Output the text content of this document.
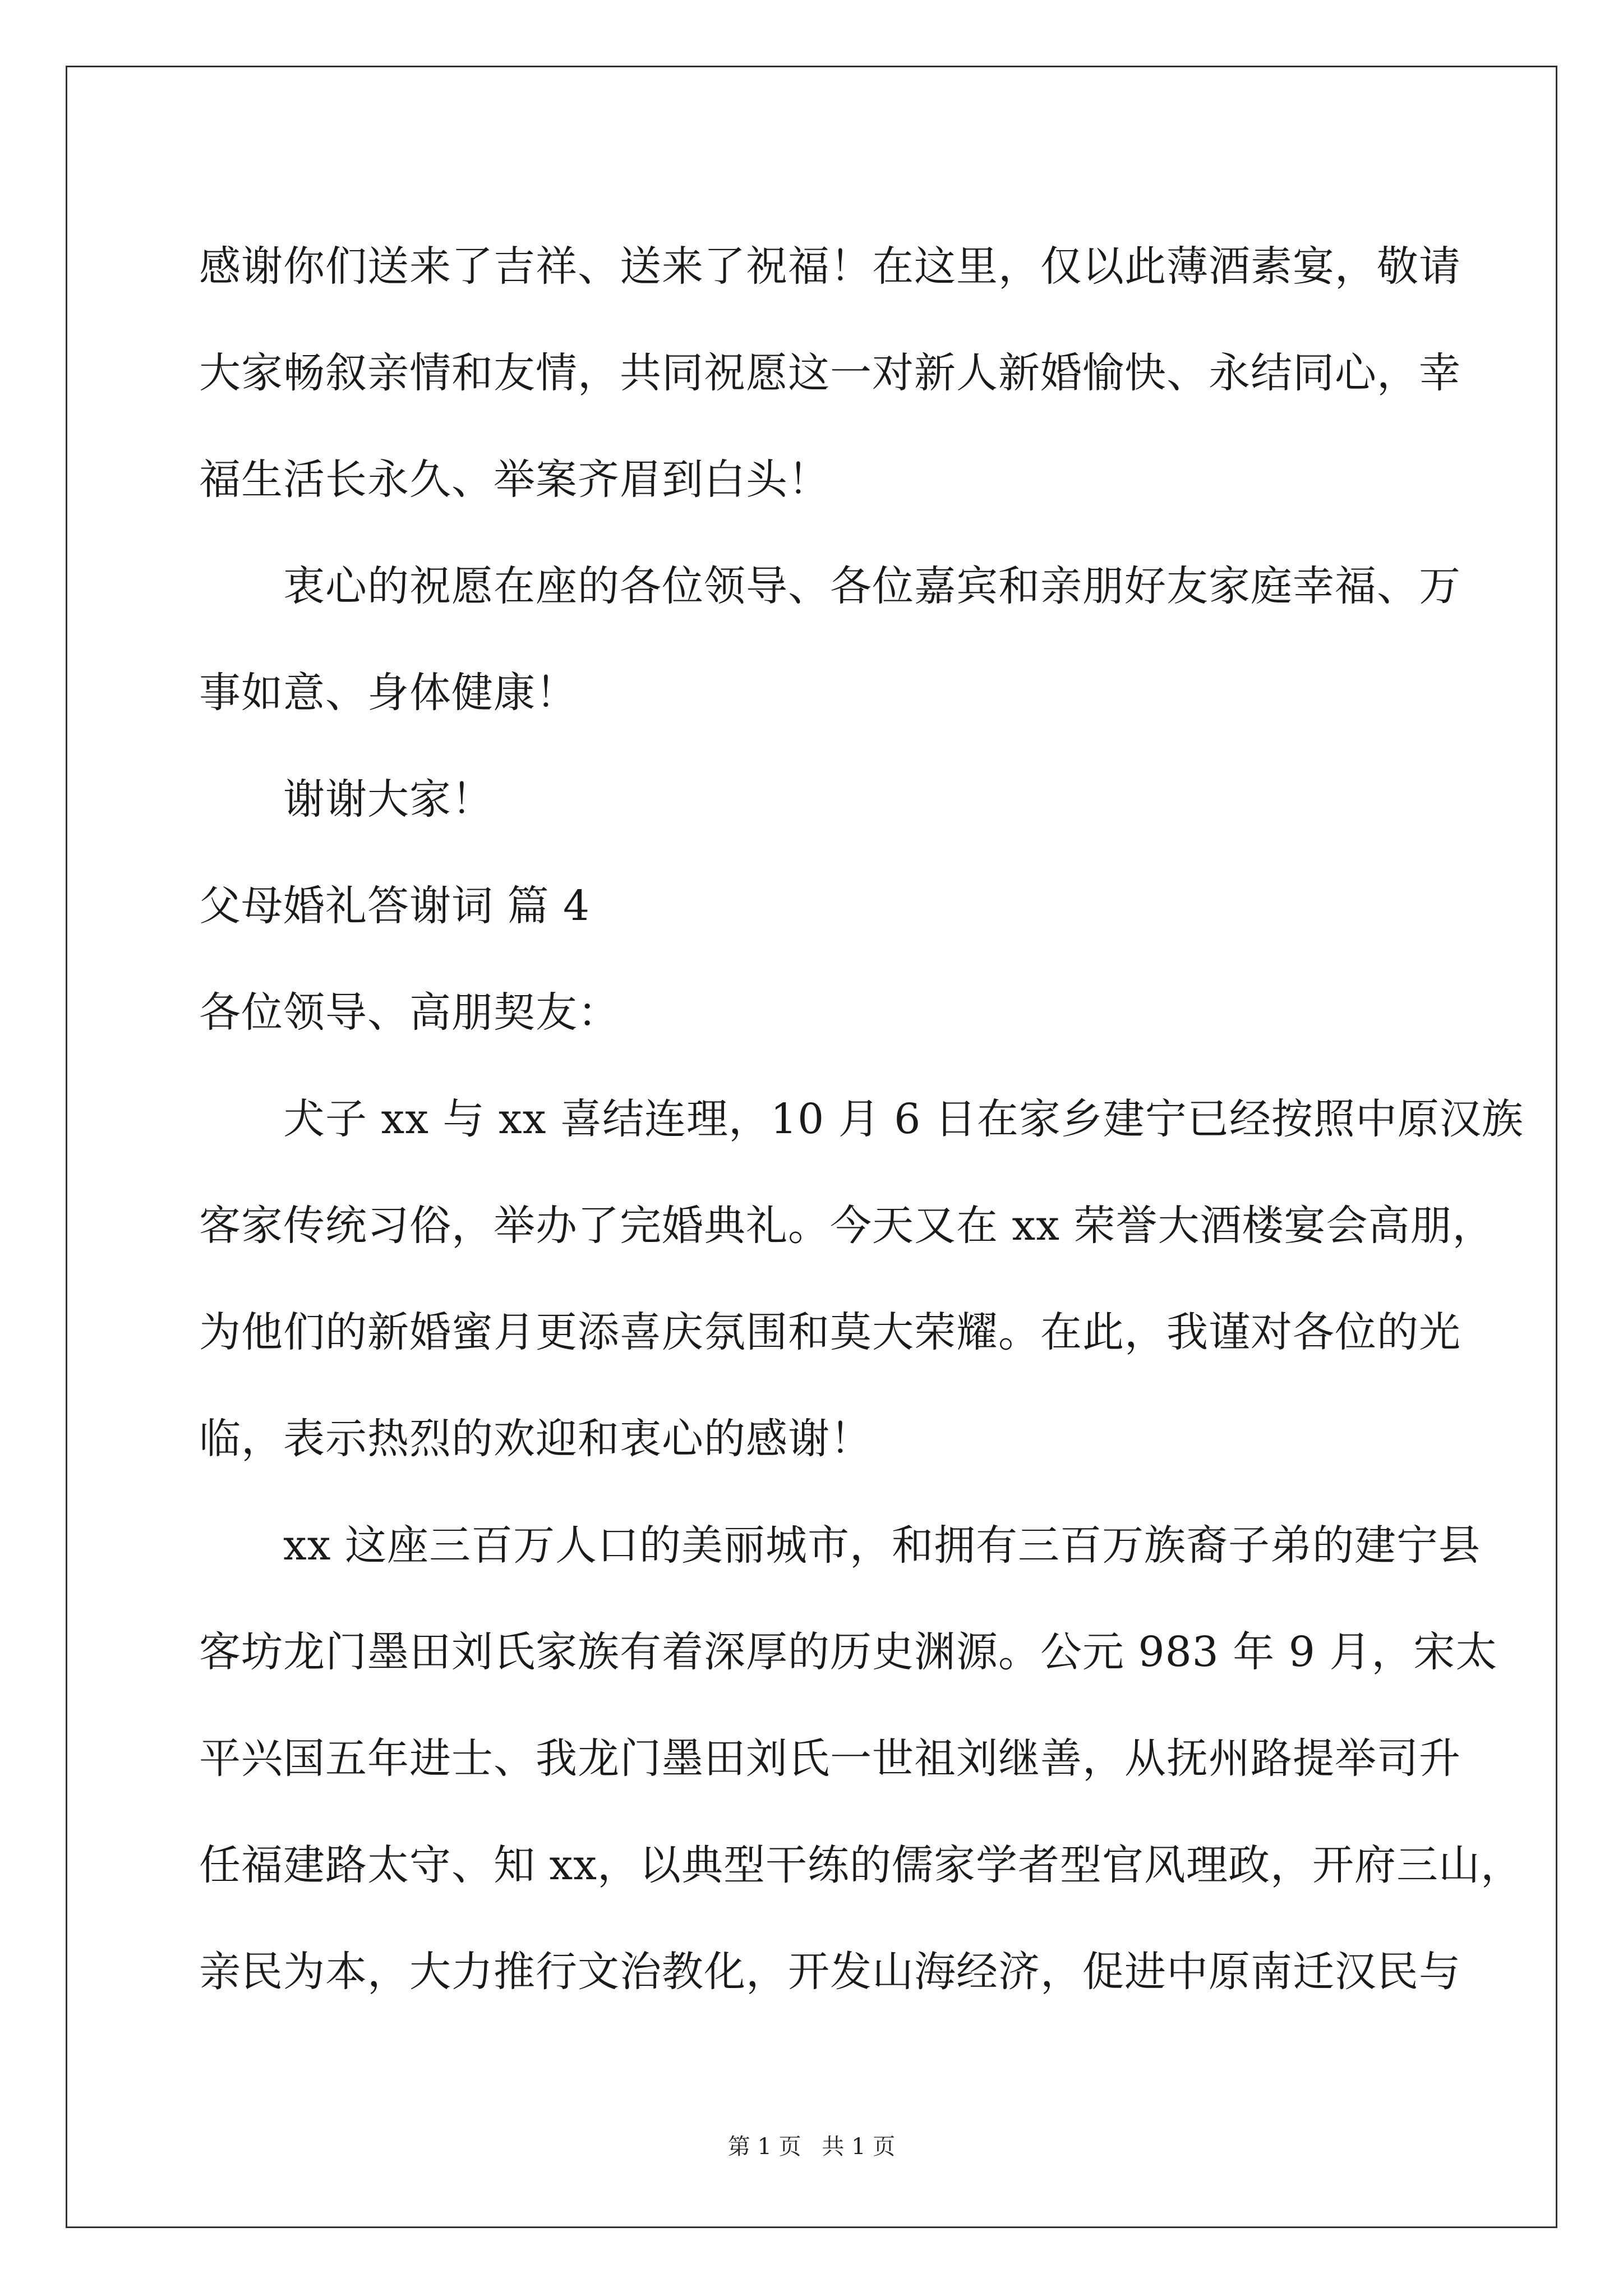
感谢你们送来了吉祥、送来了祝福！在这里，仅以此薄酒素宴，敬请
大家畅叙亲情和友情，共同祝愿这一对新人新婚愉快、永结同心，幸
福生活长永久、举案齐眉到白头！
衷心的祝愿在座的各位领导、各位嘉宾和亲朋好友家庭幸福、万
事如意、身体健康！
谢谢大家！
父母婚礼答谢词 篇 4
各位领导、高朋契友：
犬子 xx 与 xx 喜结连理，10 月 6 日在家乡建宁已经按照中原汉族
客家传统习俗，举办了完婚典礼。今天又在 xx 荣誉大酒楼宴会高朋，
为他们的新婚蜜月更添喜庆氛围和莫大荣耀。在此，我谨对各位的光
临，表示热烈的欢迎和衷心的感谢！
xx 这座三百万人口的美丽城市，和拥有三百万族裔子弟的建宁县
客坊龙门墨田刘氏家族有着深厚的历史渊源。公元 983 年 9 月，宋太
平兴国五年进士、我龙门墨田刘氏一世祖刘继善，从抚州路提举司升
任福建路太守、知 xx，以典型干练的儒家学者型官风理政，开府三山，
亲民为本，大力推行文治教化，开发山海经济，促进中原南迁汉民与
第 1 页 共 1 页
